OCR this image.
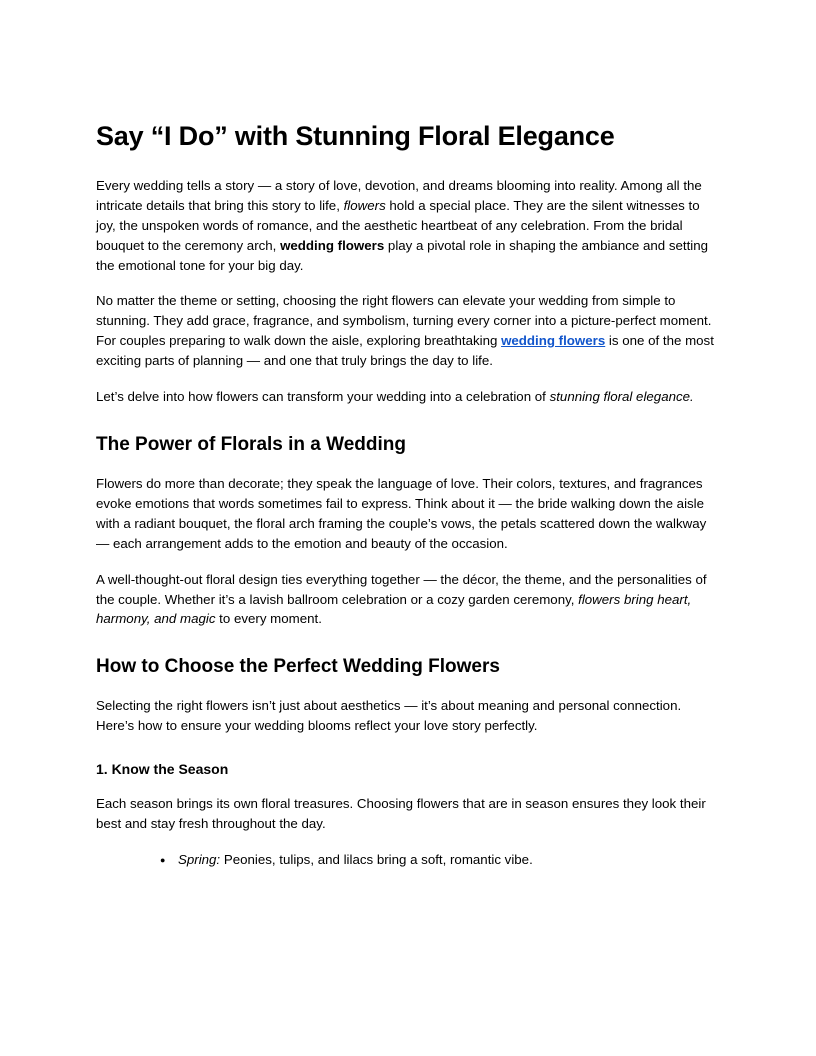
Say “I Do” with Stunning Floral Elegance

Every wedding tells a story — a story of love, devotion, and dreams blooming into reality. Among all the intricate details that bring this story to life, flowers hold a special place. They are the silent witnesses to joy, the unspoken words of romance, and the aesthetic heartbeat of any celebration. From the bridal bouquet to the ceremony arch, wedding flowers play a pivotal role in shaping the ambiance and setting the emotional tone for your big day.

No matter the theme or setting, choosing the right flowers can elevate your wedding from simple to stunning. They add grace, fragrance, and symbolism, turning every corner into a picture-perfect moment. For couples preparing to walk down the aisle, exploring breathtaking wedding flowers is one of the most exciting parts of planning — and one that truly brings the day to life.

Let’s delve into how flowers can transform your wedding into a celebration of stunning floral elegance.

The Power of Florals in a Wedding

Flowers do more than decorate; they speak the language of love. Their colors, textures, and fragrances evoke emotions that words sometimes fail to express. Think about it — the bride walking down the aisle with a radiant bouquet, the floral arch framing the couple’s vows, the petals scattered down the walkway — each arrangement adds to the emotion and beauty of the occasion.

A well-thought-out floral design ties everything together — the décor, the theme, and the personalities of the couple. Whether it’s a lavish ballroom celebration or a cozy garden ceremony, flowers bring heart, harmony, and magic to every moment.

How to Choose the Perfect Wedding Flowers

Selecting the right flowers isn’t just about aesthetics — it’s about meaning and personal connection. Here’s how to ensure your wedding blooms reflect your love story perfectly.

1. Know the Season

Each season brings its own floral treasures. Choosing flowers that are in season ensures they look their best and stay fresh throughout the day.

● Spring: Peonies, tulips, and lilacs bring a soft, romantic vibe.
